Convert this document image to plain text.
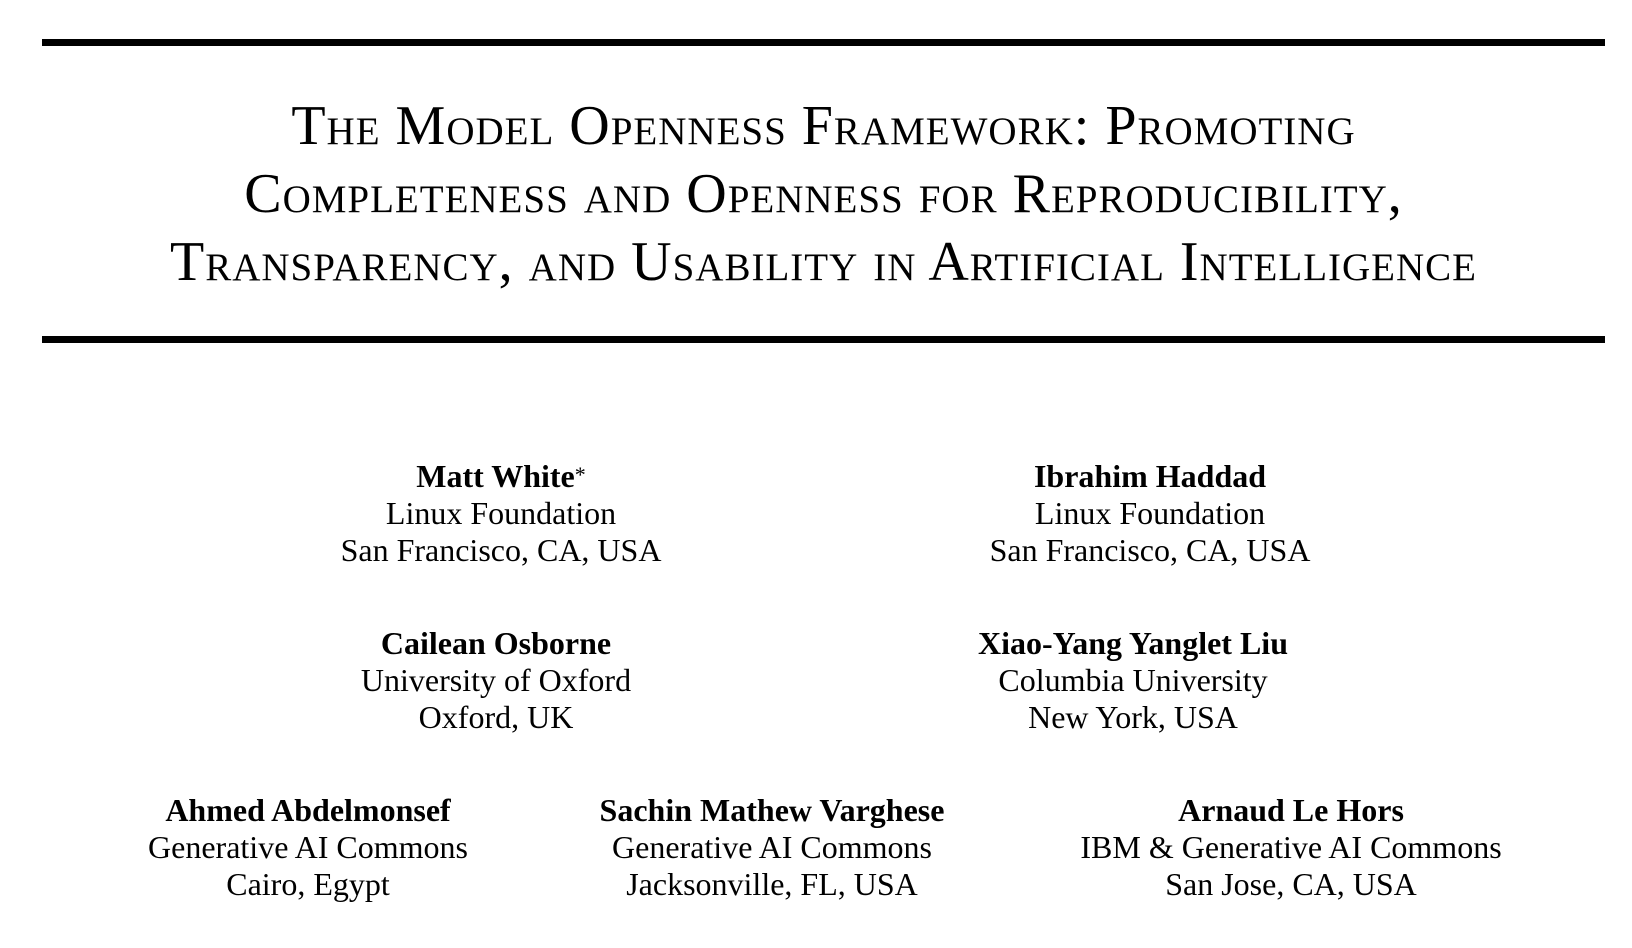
The Model Openness Framework: Promoting
Completeness and Openness for Reproducibility,
Transparency, and Usability in Artificial Intelligence
Matt White*
Linux Foundation
San Francisco, CA, USA
Ibrahim Haddad
Linux Foundation
San Francisco, CA, USA
Cailean Osborne
University of Oxford
Oxford, UK
Xiao-Yang Yanglet Liu
Columbia University
New York, USA
Ahmed Abdelmonsef
Generative AI Commons
Cairo, Egypt
Sachin Mathew Varghese
Generative AI Commons
Jacksonville, FL, USA
Arnaud Le Hors
IBM & Generative AI Commons
San Jose, CA, USA
